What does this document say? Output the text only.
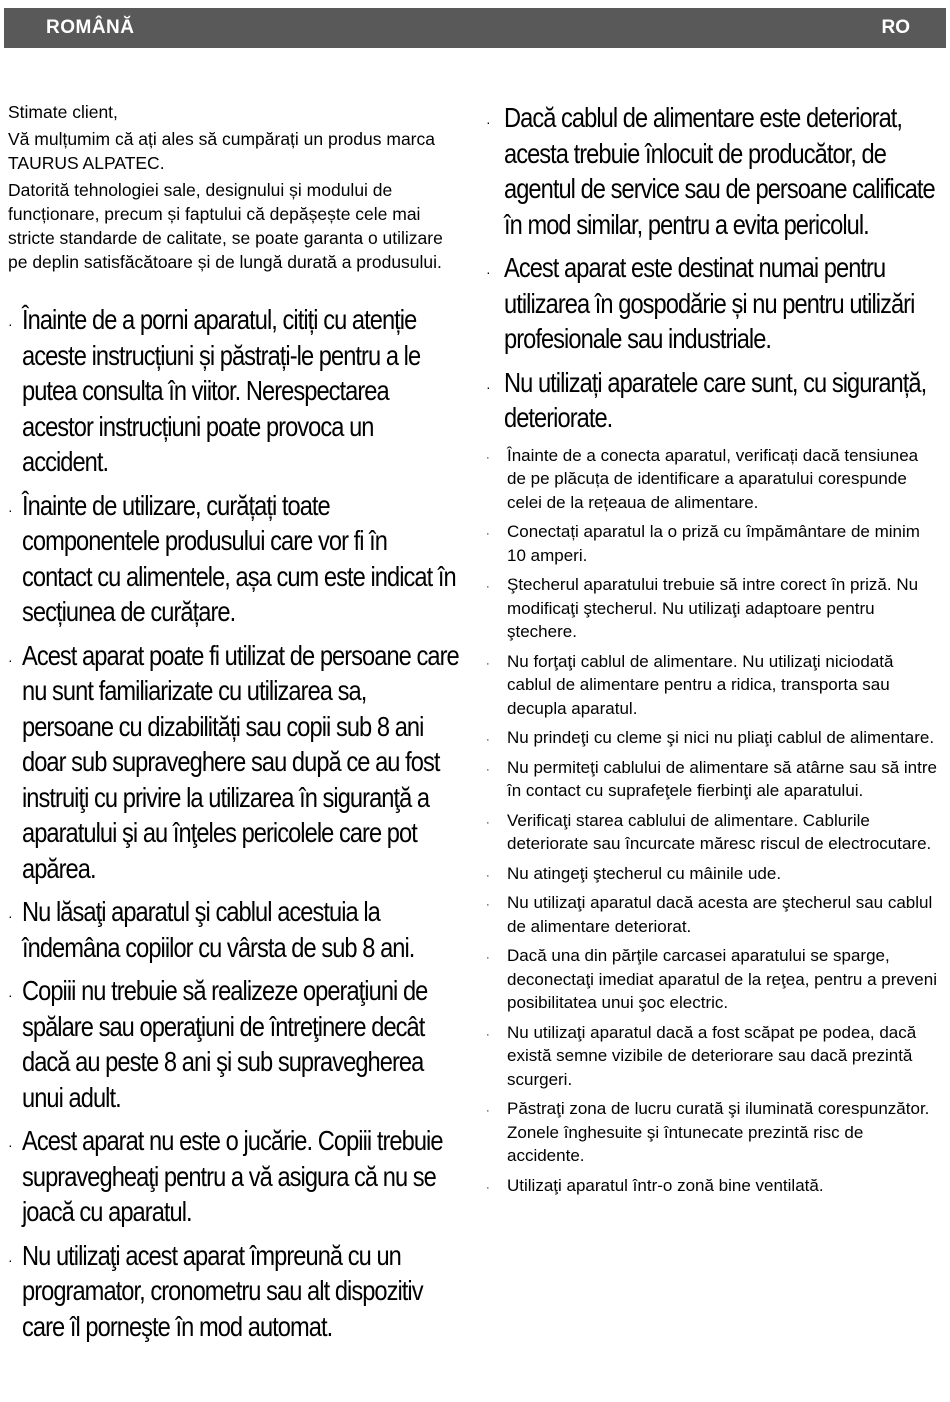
ROMÂNĂ	RO

Stimate client,

Vă mulțumim că ați ales să cumpărați un produs marca TAURUS ALPATEC.

Datorită tehnologiei sale, designului și modului de funcționare, precum și faptului că depășește cele mai stricte standarde de calitate, se poate garanta o utilizare pe deplin satisfăcătoare și de lungă durată a produsului.

· Înainte de a porni aparatul, citiți cu atenție aceste instrucțiuni și păstrați-le pentru a le putea consulta în viitor. Nerespectarea acestor instrucțiuni poate provoca un accident.
· Înainte de utilizare, curățați toate componentele produsului care vor fi în contact cu alimentele, așa cum este indicat în secțiunea de curățare.
· Acest aparat poate fi utilizat de persoane care nu sunt familiarizate cu utilizarea sa, persoane cu dizabilități sau copii sub 8 ani doar sub supraveghere sau după ce au fost instruiţi cu privire la utilizarea în siguranţă a aparatului şi au înţeles pericolele care pot apărea.
· Nu lăsaţi aparatul şi cablul acestuia la îndemâna copiilor cu vârsta de sub 8 ani.
· Copiii nu trebuie să realizeze operaţiuni de spălare sau operaţiuni de întreţinere decât dacă au peste 8 ani şi sub supravegherea unui adult.
· Acest aparat nu este o jucărie. Copiii trebuie supravegheaţi pentru a vă asigura că nu se joacă cu aparatul.
· Nu utilizaţi acest aparat împreună cu un programator, cronometru sau alt dispozitiv care îl porneşte în mod automat.
· Dacă cablul de alimentare este deteriorat, acesta trebuie înlocuit de producător, de agentul de service sau de persoane calificate în mod similar, pentru a evita pericolul.
· Acest aparat este destinat numai pentru utilizarea în gospodărie și nu pentru utilizări profesionale sau industriale.
· Nu utilizați aparatele care sunt, cu siguranță, deteriorate.
· Înainte de a conecta aparatul, verificați dacă tensiunea de pe plăcuța de identificare a aparatului corespunde celei de la rețeaua de alimentare.
· Conectați aparatul la o priză cu împământare de minim 10 amperi.
· Ştecherul aparatului trebuie să intre corect în priză. Nu modificaţi ştecherul. Nu utilizaţi adaptoare pentru ştechere.
· Nu forţaţi cablul de alimentare. Nu utilizaţi niciodată cablul de alimentare pentru a ridica, transporta sau decupla aparatul.
· Nu prindeţi cu cleme şi nici nu pliaţi cablul de alimentare.
· Nu permiteţi cablului de alimentare să atârne sau să intre în contact cu suprafeţele fierbinţi ale aparatului.
· Verificaţi starea cablului de alimentare. Cablurile deteriorate sau încurcate măresc riscul de electrocutare.
· Nu atingeţi ştecherul cu mâinile ude.
· Nu utilizaţi aparatul dacă acesta are ştecherul sau cablul de alimentare deteriorat.
· Dacă una din părţile carcasei aparatului se sparge, deconectaţi imediat aparatul de la reţea, pentru a preveni posibilitatea unui şoc electric.
· Nu utilizaţi aparatul dacă a fost scăpat pe podea, dacă există semne vizibile de deteriorare sau dacă prezintă scurgeri.
· Păstraţi zona de lucru curată şi iluminată corespunzător. Zonele înghesuite şi întunecate prezintă risc de accidente.
· Utilizaţi aparatul într-o zonă bine ventilată.
